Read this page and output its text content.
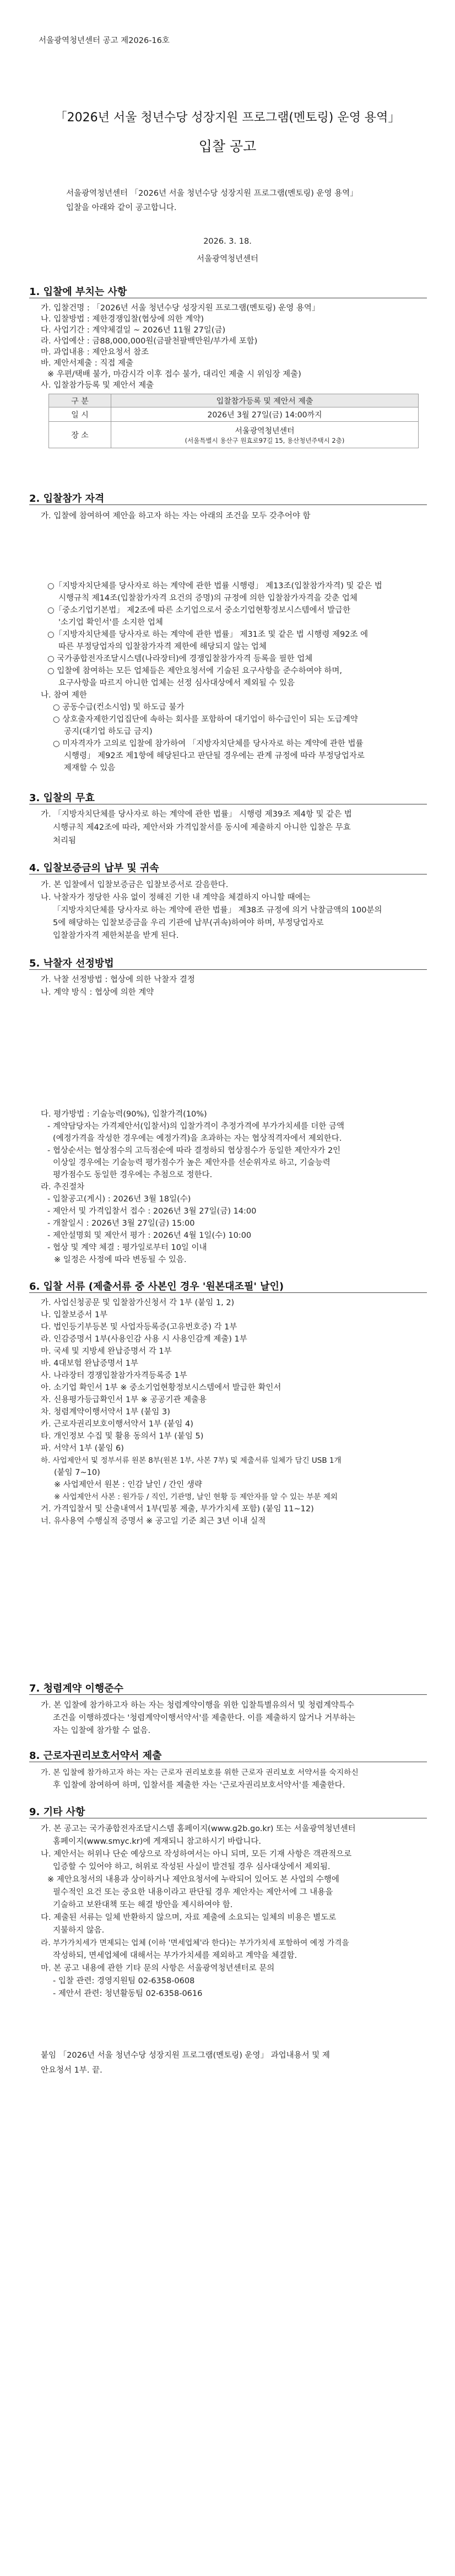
서울광역청년센터 공고 제2026-16호
「2026년 서울 청년수당 성장지원 프로그램(멘토링) 운영 용역」
입찰 공고
서울광역청년센터 「2026년 서울 청년수당 성장지원 프로그램(멘토링) 운영 용역」
입찰을 아래와 같이 공고합니다.
2026. 3. 18.
서울광역청년센터
1. 입찰에 부치는 사항
가. 입찰건명 : 「2026년 서울 청년수당 성장지원 프로그램(멘토링) 운영 용역」
나. 입찰방법 : 제한경쟁입찰(협상에 의한 계약)
다. 사업기간 : 계약체결일 ~ 2026년 11월 27일(금)
라. 사업예산 : 금88,000,000원(금팔천팔백만원/부가세 포함)
마. 과업내용 : 제안요청서 참조
바. 제안서제출 : 직접 제출
※ 우편/택배 불가, 마감시각 이후 접수 불가, 대리인 제출 시 위임장 제출)
사. 입찰참가등록 및 제안서 제출
구 분	입찰참가등록 및 제안서 제출
일 시	2026년 3월 27일(금) 14:00까지
장 소	서울광역청년센터
(서울특별시 용산구 원효로97길 15, 용산청년주택시 2층)
2. 입찰참가 자격
가. 입찰에 참여하여 제안을 하고자 하는 자는 아래의 조건을 모두 갖추어야 함
○「지방자치단체를 당사자로 하는 계약에 관한 법률 시행령」 제13조(입찰참가자격) 및 같은 법
시행규칙 제14조(입찰참가자격 요건의 증명)의 규정에 의한 입찰참가자격을 갖춘 업체
○「중소기업기본법」 제2조에 따른 소기업으로서 중소기업현황정보시스템에서 발급한
'소기업 확인서'를 소지한 업체
○「지방자치단체를 당사자로 하는 계약에 관한 법률」 제31조 및 같은 법 시행령 제92조 에
따른 부정당업자의 입찰참가자격 제한에 해당되지 않는 업체
○ 국가종합전자조달시스템(나라장터)에 경쟁입찰참가자격 등록을 필한 업체
○ 입찰에 참여하는 모든 업체들은 제안요청서에 기술된 요구사항을 준수하여야 하며,
요구사항을 따르지 아니한 업체는 선정 심사대상에서 제외될 수 있음
나. 참여 제한
○ 공동수급(컨소시엄) 및 하도급 불가
○ 상호출자제한기업집단에 속하는 회사를 포함하여 대기업이 하수급인이 되는 도급계약
공지(대기업 하도급 금지)
○ 미자격자가 고의로 입찰에 참가하여 「지방자치단체를 당사자로 하는 계약에 관한 법률
시행령」 제92조 제1항에 해당된다고 판단될 경우에는 관계 규정에 따라 부정당업자로
제재할 수 있음
3. 입찰의 무효
가. 「지방자치단체를 당사자로 하는 계약에 관한 법률」 시행령 제39조 제4항 및 같은 법
시행규칙 제42조에 따라, 제안서와 가격입찰서를 동시에 제출하지 아니한 입찰은 무효
처리됨
4. 입찰보증금의 납부 및 귀속
가. 본 입찰에서 입찰보증금은 입찰보증서로 갈음한다.
나. 낙찰자가 정당한 사유 없이 정해진 기한 내 계약을 체결하지 아니할 때에는
「지방자치단체를 당사자로 하는 계약에 관한 법률」 제38조 규정에 의거 낙찰금액의 100분의
5에 해당하는 입찰보증금을 우리 기관에 납부(귀속)하여야 하며, 부정당업자로
입찰참가자격 제한처분을 받게 된다.
5. 낙찰자 선정방법
가. 낙찰 선정방법 : 협상에 의한 낙찰자 결정
나. 계약 방식 : 협상에 의한 계약
다. 평가방법 : 기술능력(90%), 입찰가격(10%)
- 계약담당자는 가격제안서(입찰서)의 입찰가격이 추정가격에 부가가치세를 더한 금액
(예정가격을 작성한 경우에는 예정가격)을 초과하는 자는 협상적격자에서 제외한다.
- 협상순서는 협상점수의 고득점순에 따라 결정하되 협상점수가 동일한 제안자가 2인
이상일 경우에는 기술능력 평가점수가 높은 제안자를 선순위자로 하고, 기술능력
평가점수도 동일한 경우에는 추첨으로 정한다.
라. 추진절차
- 입찰공고(게시) : 2026년 3월 18일(수)
- 제안서 및 가격입찰서 접수 : 2026년 3월 27일(금) 14:00
- 개찰일시 : 2026년 3월 27일(금) 15:00
- 제안설명회 및 제안서 평가 : 2026년 4월 1일(수) 10:00
- 협상 및 계약 체결 : 평가일로부터 10일 이내
※ 일정은 사정에 따라 변동될 수 있음.
6. 입찰 서류 (제출서류 중 사본인 경우 '원본대조필' 날인)
가. 사업신청공문 및 입찰참가신청서 각 1부 (붙임 1, 2)
나. 입찰보증서 1부
다. 법인등기부등본 및 사업자등록증(고유번호증) 각 1부
라. 인감증명서 1부(사용인감 사용 시 사용인감계 제출) 1부
마. 국세 및 지방세 완납증명서 각 1부
바. 4대보험 완납증명서 1부
사. 나라장터 경쟁입찰참가자격등록증 1부
아. 소기업 확인서 1부 ※ 중소기업현황정보시스템에서 발급한 확인서
자. 신용평가등급확인서 1부 ※ 공공기관 제출용
차. 청렴계약이행서약서 1부 (붙임 3)
카. 근로자권리보호이행서약서 1부 (붙임 4)
타. 개인정보 수집 및 활용 동의서 1부 (붙임 5)
파. 서약서 1부 (붙임 6)
하. 사업제안서 및 정부서류 원본 8부(원본 1부, 사본 7부) 및 제출서류 일체가 담긴 USB 1개
(붙임 7~10)
※ 사업제안서 원본 : 인감 날인 / 간인 생략
※ 사업제안서 사본 : 원가등 / 직인, 기관명, 날인 현황 등 제안자를 알 수 있는 부분 제외
거. 가격입찰서 및 산출내역서 1부(밀봉 제출, 부가가치세 포함) (붙임 11~12)
너. 유사용역 수행실적 증명서 ※ 공고일 기준 최근 3년 이내 실적
7. 청렴계약 이행준수
가. 본 입찰에 참가하고자 하는 자는 청렴계약이행을 위한 입찰특별유의서 및 청렴계약특수
조건을 이행하겠다는 '청렴계약이행서약서'를 제출한다. 이를 제출하지 않거나 거부하는
자는 입찰에 참가할 수 없음.
8. 근로자권리보호서약서 제출
가. 본 입찰에 참가하고자 하는 자는 근로자 권리보호를 위한 근로자 권리보호 서약서를 숙지하신
후 입찰에 참여하여 하며, 입찰서를 제출한 자는 '근로자권리보호서약서'를 제출한다.
9. 기타 사항
가. 본 공고는 국가종합전자조달시스템 홈페이지(www.g2b.go.kr) 또는 서울광역청년센터
홈페이지(www.smyc.kr)에 게재되니 참고하시기 바랍니다.
나. 제안서는 허위나 단순 예상으로 작성하여서는 아니 되며, 모든 기재 사항은 객관적으로
입증할 수 있어야 하고, 허위로 작성된 사실이 발견될 경우 심사대상에서 제외됨.
※ 제안요청서의 내용과 상이하거나 제안요청서에 누락되어 있어도 본 사업의 수행에
필수적인 요건 또는 중요한 내용이라고 판단될 경우 제안자는 제안서에 그 내용을
기술하고 보완대책 또는 해결 방안을 제시하여야 함.
다. 제출된 서류는 일체 반환하지 않으며, 자료 제출에 소요되는 일체의 비용은 별도로
지불하지 않음.
라. 부가가치세가 면제되는 업체 (이하 '면세업체'라 한다)는 부가가치세 포함하여 예정 가격을
작성하되, 면세업체에 대해서는 부가가치세를 제외하고 계약을 체결함.
마. 본 공고 내용에 관한 기타 문의 사항은 서울광역청년센터로 문의
- 입찰 관련: 경영지원팀 02-6358-0608
- 제안서 관련: 청년활동팀 02-6358-0616
붙임 「2026년 서울 청년수당 성장지원 프로그램(멘토링) 운영」 과업내용서 및 제
안요청서 1부. 끝.
